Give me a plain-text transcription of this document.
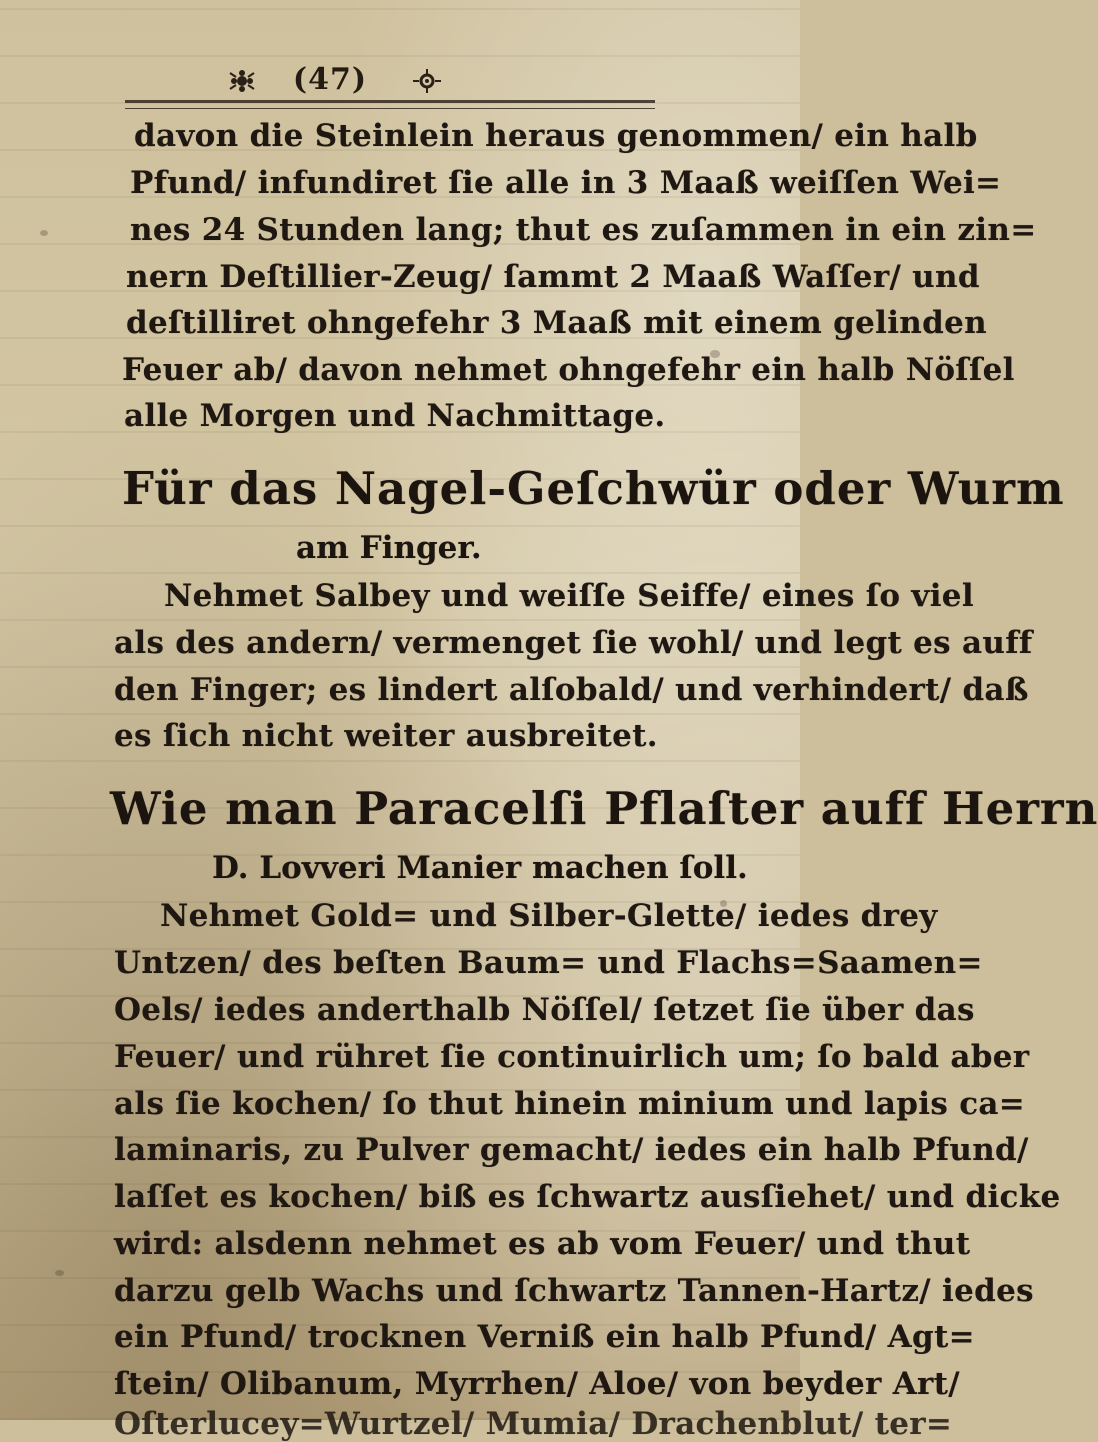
(47)
davon die Steinlein heraus genommen/ ein halb
Pfund/ infundiret ſie alle in 3 Maaß weiſſen Wei=
nes 24 Stunden lang; thut es zuſammen in ein zin=
nern Deſtillier-Zeug/ ſammt 2 Maaß Waſſer/ und
deſtilliret ohngefehr 3 Maaß mit einem gelinden
Feuer ab/ davon nehmet ohngefehr ein halb Nöſſel
alle Morgen und Nachmittage.
Für das Nagel-Geſchwür oder Wurm
am Finger.
Nehmet Salbey und weiſſe Seiffe/ eines ſo viel
als des andern/ vermenget ſie wohl/ und legt es auff
den Finger; es lindert alſobald/ und verhindert/ daß
es ſich nicht weiter ausbreitet.
Wie man Paracelſi Pflaſter auff Herrn
D. Lovveri Manier machen ſoll.
Nehmet Gold= und Silber-Glette/ iedes drey
Untzen/ des beſten Baum= und Flachs=Saamen=
Oels/ iedes anderthalb Nöſſel/ ſetzet ſie über das
Feuer/ und rühret ſie continuirlich um; ſo bald aber
als ſie kochen/ ſo thut hinein minium und lapis ca=
laminaris, zu Pulver gemacht/ iedes ein halb Pfund/
laſſet es kochen/ biß es ſchwartz ausſiehet/ und dicke
wird: alsdenn nehmet es ab vom Feuer/ und thut
darzu gelb Wachs und ſchwartz Tannen-Hartz/ iedes
ein Pfund/ trocknen Verniß ein halb Pfund/ Agt=
ſtein/ Olibanum, Myrrhen/ Aloe/ von beyder Art/
Oſterlucey=Wurtzel/ Mumia/ Drachenblut/ ter=
